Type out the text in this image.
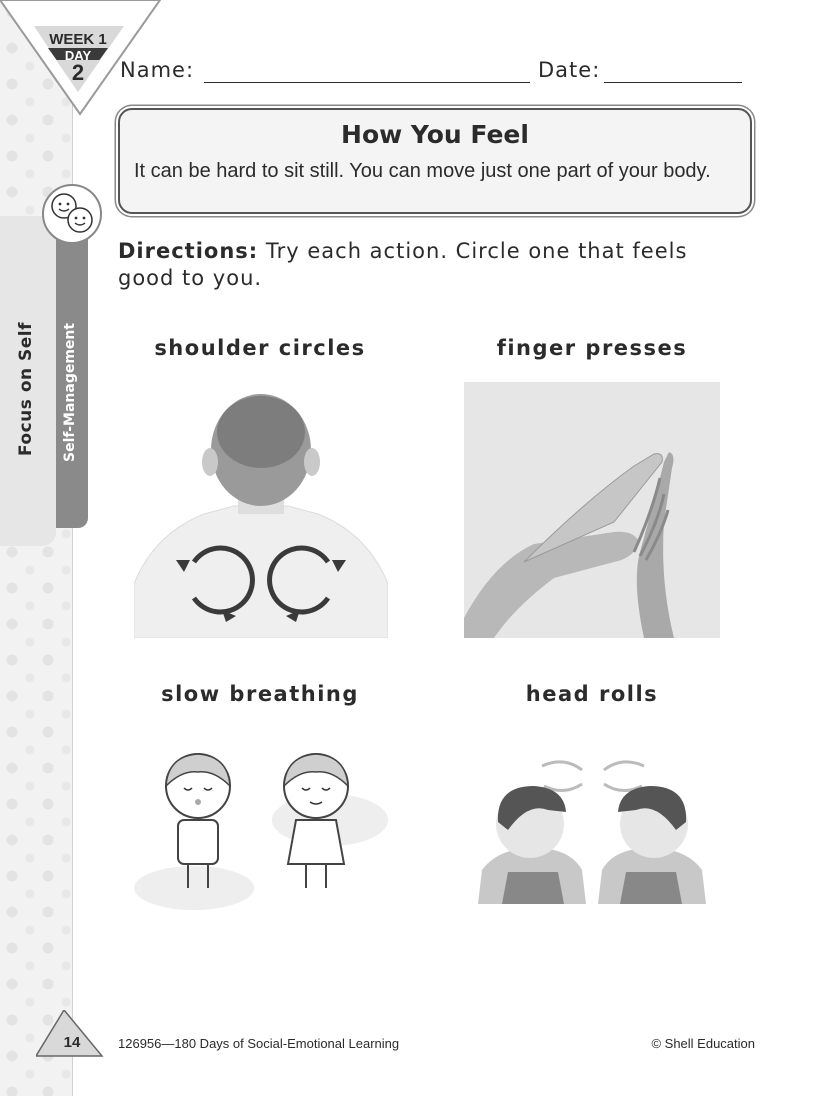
WEEK 1
DAY
2	Name:	Date:
How You Feel
It can be hard to sit still. You can move just one part of your body.
Focus on Self Self-Management
Directions: Try each action. Circle one that feels good to you.
shoulder circles	finger presses
slow breathing	head rolls
14	126956—180 Days of Social-Emotional Learning	© Shell Education
